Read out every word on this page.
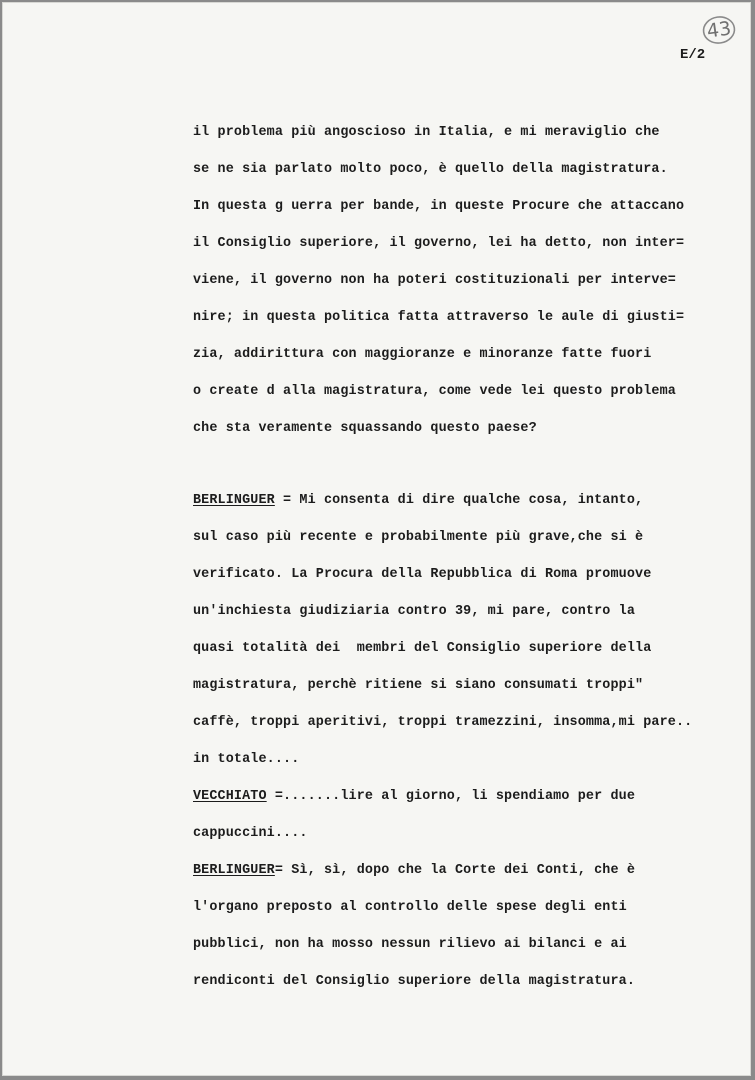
43
E/2
il problema più angoscioso in Italia, e mi meraviglio che
se ne sia parlato molto poco, è quello della magistratura.
In questa g uerra per bande, in queste Procure che attaccano
il Consiglio superiore, il governo, lei ha detto, non inter=
viene, il governo non ha poteri costituzionali per interve=
nire; in questa politica fatta attraverso le aule di giusti=
zia, addirittura con maggioranze e minoranze fatte fuori
o create d alla magistratura, come vede lei questo problema
che sta veramente squassando questo paese?
BERLINGUER = Mi consenta di dire qualche cosa, intanto,
sul caso più recente e probabilmente più grave,che si è
verificato. La Procura della Repubblica di Roma promuove
un'inchiesta giudiziaria contro 39, mi pare, contro la
quasi totalità dei  membri del Consiglio superiore della
magistratura, perchè ritiene si siano consumati troppi"
caffè, troppi aperitivi, troppi tramezzini, insomma,mi pare..
in totale....
VECCHIATO =.......lire al giorno, li spendiamo per due
cappuccini....
BERLINGUER= Sì, sì, dopo che la Corte dei Conti, che è
l'organo preposto al controllo delle spese degli enti
pubblici, non ha mosso nessun rilievo ai bilanci e ai
rendiconti del Consiglio superiore della magistratura.
